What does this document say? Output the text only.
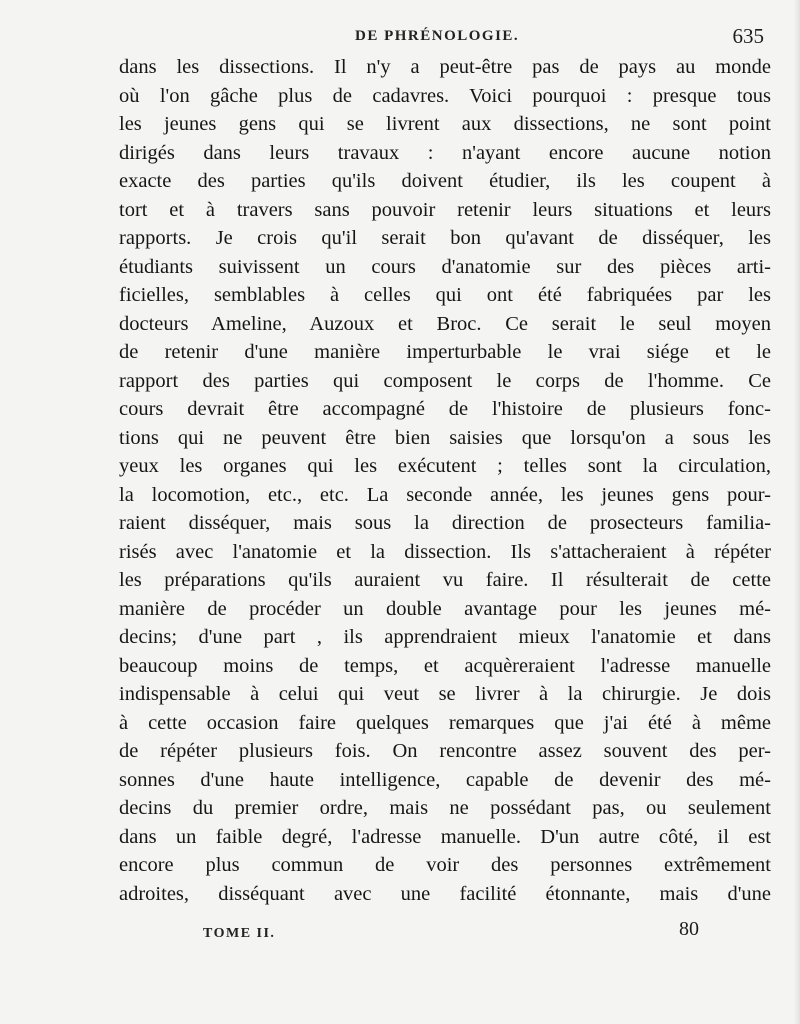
DE PHRÉNOLOGIE.	635
dans les dissections. Il n'y a peut-être pas de pays au monde
où l'on gâche plus de cadavres. Voici pourquoi : presque tous
les jeunes gens qui se livrent aux dissections, ne sont point
dirigés dans leurs travaux : n'ayant encore aucune notion
exacte des parties qu'ils doivent étudier, ils les coupent à
tort et à travers sans pouvoir retenir leurs situations et leurs
rapports. Je crois qu'il serait bon qu'avant de disséquer, les
étudiants suivissent un cours d'anatomie sur des pièces arti-
ficielles, semblables à celles qui ont été fabriquées par les
docteurs Ameline, Auzoux et Broc. Ce serait le seul moyen
de retenir d'une manière imperturbable le vrai siége et le
rapport des parties qui composent le corps de l'homme. Ce
cours devrait être accompagné de l'histoire de plusieurs fonc-
tions qui ne peuvent être bien saisies que lorsqu'on a sous les
yeux les organes qui les exécutent ; telles sont la circulation,
la locomotion, etc., etc. La seconde année, les jeunes gens pour-
raient disséquer, mais sous la direction de prosecteurs familia-
risés avec l'anatomie et la dissection. Ils s'attacheraient à répéter
les préparations qu'ils auraient vu faire. Il résulterait de cette
manière de procéder un double avantage pour les jeunes mé-
decins; d'une part , ils apprendraient mieux l'anatomie et dans
beaucoup moins de temps, et acquèreraient l'adresse manuelle
indispensable à celui qui veut se livrer à la chirurgie. Je dois
à cette occasion faire quelques remarques que j'ai été à même
de répéter plusieurs fois. On rencontre assez souvent des per-
sonnes d'une haute intelligence, capable de devenir des mé-
decins du premier ordre, mais ne possédant pas, ou seulement
dans un faible degré, l'adresse manuelle. D'un autre côté, il est
encore plus commun de voir des personnes extrêmement
adroites, disséquant avec une facilité étonnante, mais d'une
TOME II.	80
